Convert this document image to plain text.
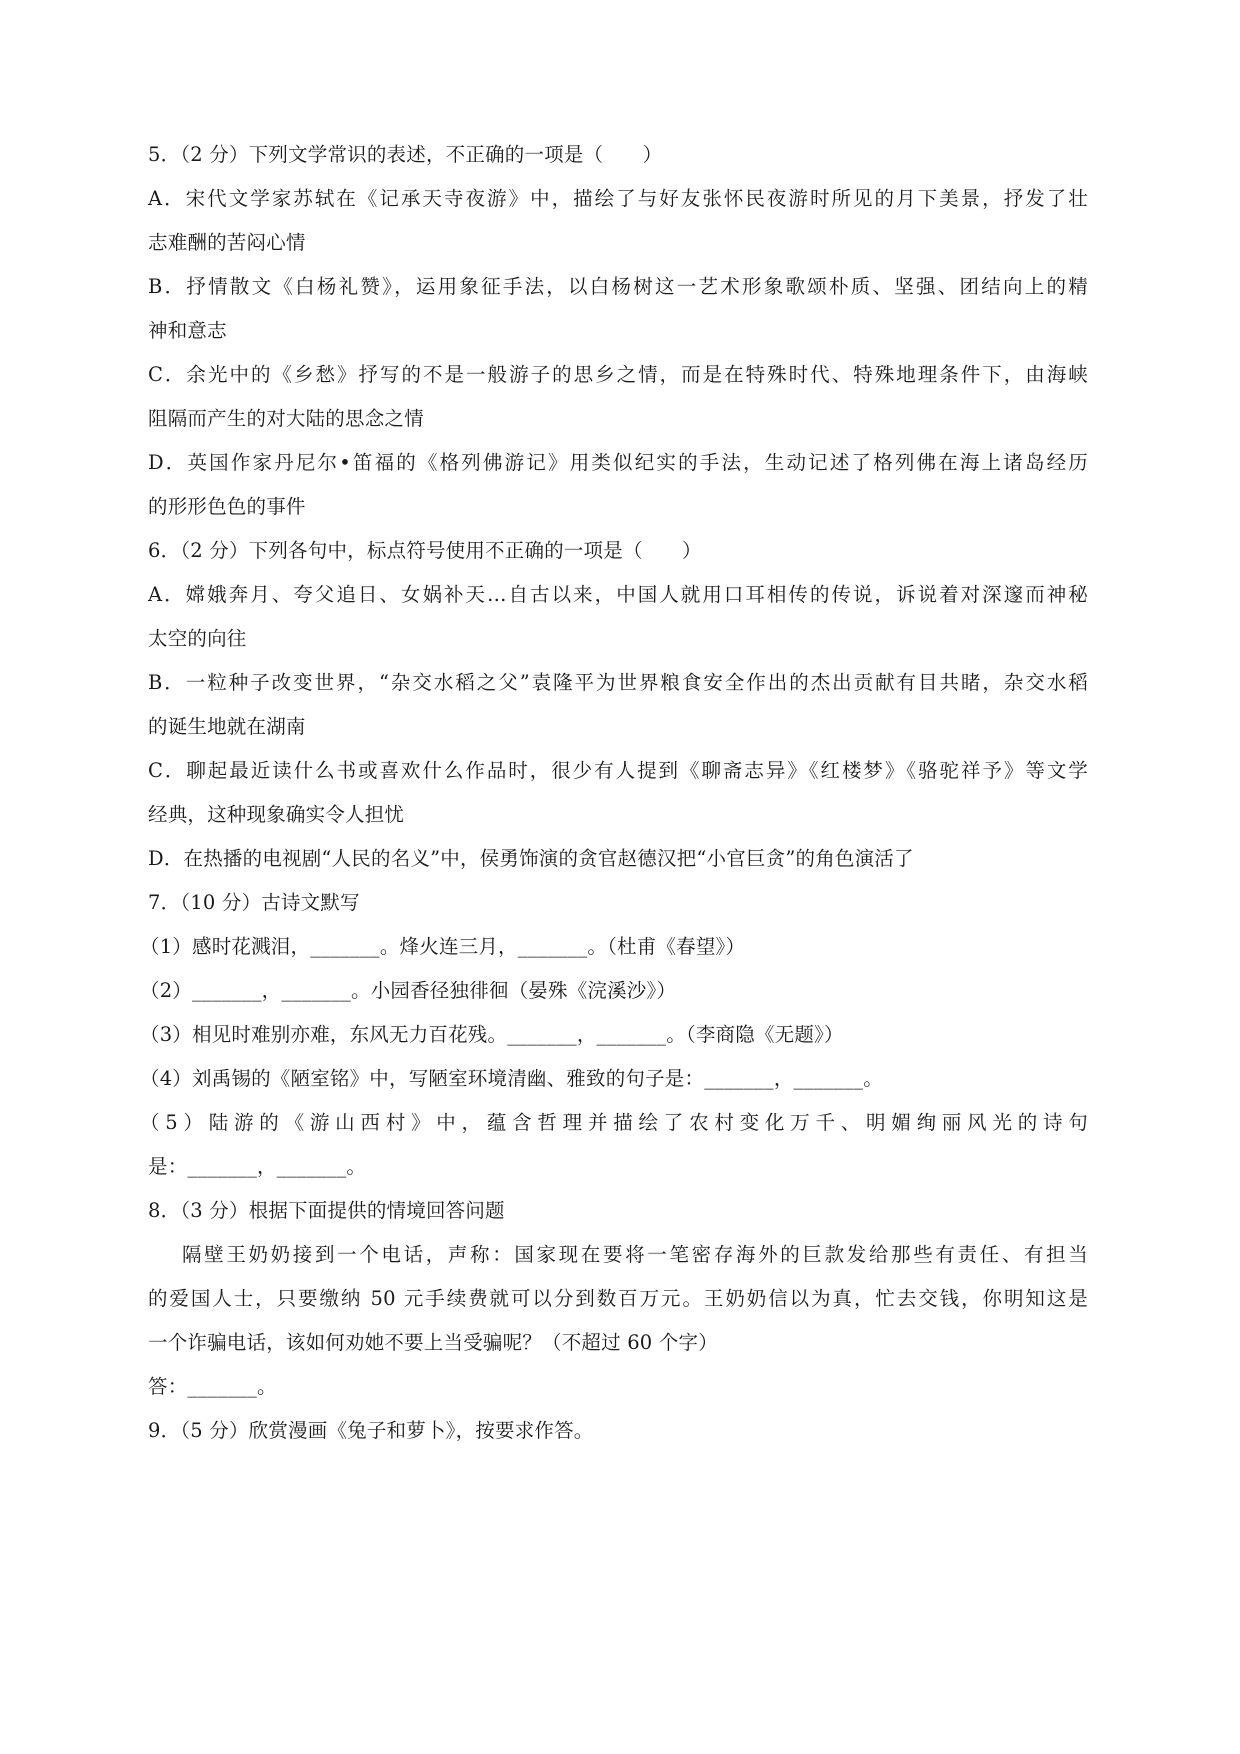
5．（2 分）下列文学常识的表述，不正确的一项是（　　）
A．宋代文学家苏轼在《记承天寺夜游》中，描绘了与好友张怀民夜游时所见的月下美景，抒发了壮
志难酬的苦闷心情
B．抒情散文《白杨礼赞》，运用象征手法，以白杨树这一艺术形象歌颂朴质、坚强、团结向上的精
神和意志
C．余光中的《乡愁》抒写的不是一般游子的思乡之情，而是在特殊时代、特殊地理条件下，由海峡
阻隔而产生的对大陆的思念之情
D．英国作家丹尼尔•笛福的《格列佛游记》用类似纪实的手法，生动记述了格列佛在海上诸岛经历
的形形色色的事件
6．（2 分）下列各句中，标点符号使用不正确的一项是（　　）
A．嫦娥奔月、夸父追日、女娲补天…自古以来，中国人就用口耳相传的传说，诉说着对深邃而神秘
太空的向往
B．一粒种子改变世界，“杂交水稻之父”袁隆平为世界粮食安全作出的杰出贡献有目共睹，杂交水稻
的诞生地就在湖南
C．聊起最近读什么书或喜欢什么作品时，很少有人提到《聊斋志异》《红楼梦》《骆驼祥予》等文学
经典，这种现象确实令人担忧
D．在热播的电视剧“人民的名义”中，侯勇饰演的贪官赵德汉把“小官巨贪”的角色演活了
7．（10 分）古诗文默写
（1）感时花溅泪，_______。烽火连三月，_______。（杜甫《春望》）
（2）_______，_______。小园香径独徘徊（晏殊《浣溪沙》）
（3）相见时难别亦难，东风无力百花残。_______，_______。（李商隐《无题》）
（4）刘禹锡的《陋室铭》中，写陋室环境清幽、雅致的句子是：_______，_______。
（5）陆游的《游山西村》中，蕴含哲理并描绘了农村变化万千、明媚绚丽风光的诗句
是：_______，_______。
8．（3 分）根据下面提供的情境回答问题
隔壁王奶奶接到一个电话，声称：国家现在要将一笔密存海外的巨款发给那些有责任、有担当
的爱国人士，只要缴纳 50 元手续费就可以分到数百万元。王奶奶信以为真，忙去交钱，你明知这是
一个诈骗电话，该如何劝她不要上当受骗呢？（不超过 60 个字）
答：_______。
9．（5 分）欣赏漫画《兔子和萝卜》，按要求作答。
